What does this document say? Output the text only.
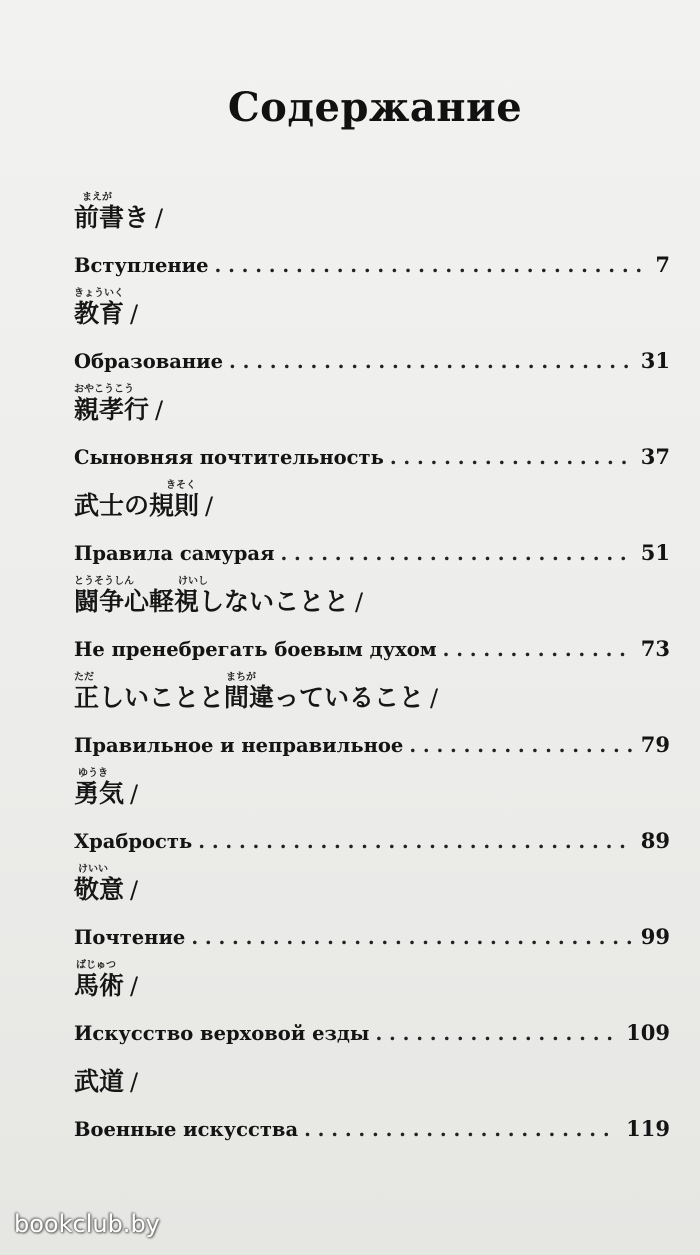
Содержание
まえが
前書き /
Вступление . . .	7
きょういく
教育 /
Образование . . .	31
おやこうこう
親孝行 /
Сыновняя почтительность . . .	37
きそく
武士の規則 /
Правила самурая . . .	51
とうそうしん	けいし
闘争心軽視しないことと /
Не пренебрегать боевым духом . . .	73
ただ	まちが
正しいことと間違っていること /
Правильное и неправильное . . .	79
ゆうき
勇気 /
Храбрость . . .	89
けいい
敬意 /
Почтение . . .	99
ばじゅつ
馬術 /
Искусство верховой езды . . .	109
武道 /
Военные искусства . . .	119
bookclub.by
